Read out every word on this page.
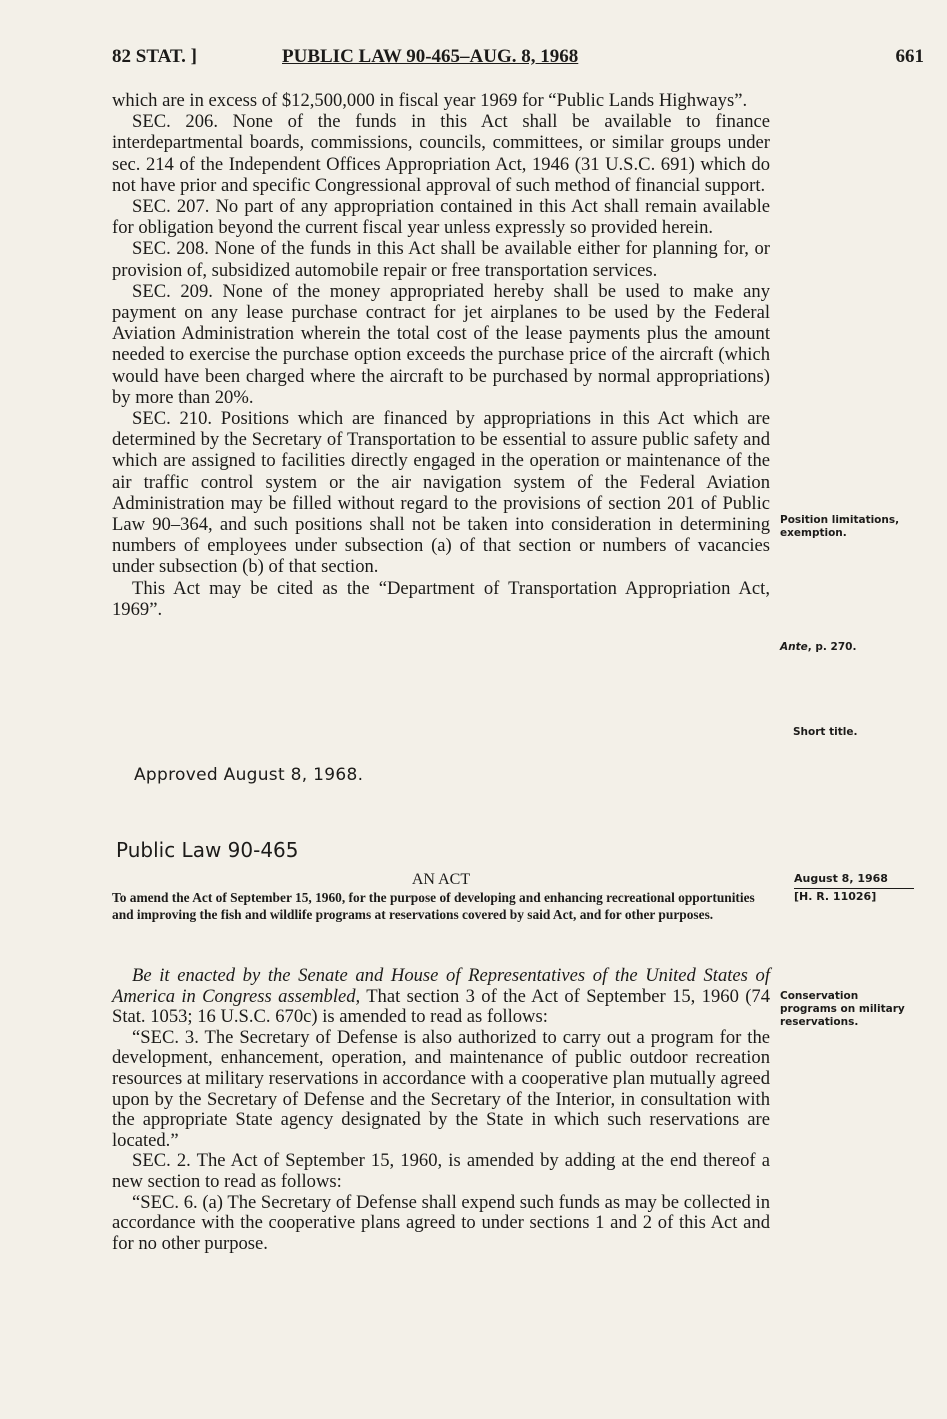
82 STAT. ]	PUBLIC LAW 90-465–AUG. 8, 1968	661

which are in excess of $12,500,000 in fiscal year 1969 for “Public Lands Highways”.

SEC. 206. None of the funds in this Act shall be available to finance interdepartmental boards, commissions, councils, committees, or similar groups under sec. 214 of the Independent Offices Appropriation Act, 1946 (31 U.S.C. 691) which do not have prior and specific Congressional approval of such method of financial support.

SEC. 207. No part of any appropriation contained in this Act shall remain available for obligation beyond the current fiscal year unless expressly so provided herein.

SEC. 208. None of the funds in this Act shall be available either for planning for, or provision of, subsidized automobile repair or free transportation services.

SEC. 209. None of the money appropriated hereby shall be used to make any payment on any lease purchase contract for jet airplanes to be used by the Federal Aviation Administration wherein the total cost of the lease payments plus the amount needed to exercise the purchase option exceeds the purchase price of the aircraft (which would have been charged where the aircraft to be purchased by normal appropriations) by more than 20%.

SEC. 210. Positions which are financed by appropriations in this Act which are determined by the Secretary of Transportation to be essential to assure public safety and which are assigned to facilities directly engaged in the operation or maintenance of the air traffic control system or the air navigation system of the Federal Aviation Administration may be filled without regard to the provisions of section 201 of Public Law 90–364, and such positions shall not be taken into consideration in determining numbers of employees under subsection (a) of that section or numbers of vacancies under subsection (b) of that section.

This Act may be cited as the “Department of Transportation Appropriation Act, 1969”.

Approved August 8, 1968.
Public Law 90-465
AN ACT
To amend the Act of September 15, 1960, for the purpose of developing and enhancing recreational opportunities and improving the fish and wildlife programs at reservations covered by said Act, and for other purposes.

Be it enacted by the Senate and House of Representatives of the United States of America in Congress assembled, That section 3 of the Act of September 15, 1960 (74 Stat. 1053; 16 U.S.C. 670c) is amended to read as follows:

“SEC. 3. The Secretary of Defense is also authorized to carry out a program for the development, enhancement, operation, and maintenance of public outdoor recreation resources at military reservations in accordance with a cooperative plan mutually agreed upon by the Secretary of Defense and the Secretary of the Interior, in consultation with the appropriate State agency designated by the State in which such reservations are located.”

SEC. 2. The Act of September 15, 1960, is amended by adding at the end thereof a new section to read as follows:

“SEC. 6. (a) The Secretary of Defense shall expend such funds as may be collected in accordance with the cooperative plans agreed to under sections 1 and 2 of this Act and for no other purpose.

Position limitations, exemption.
Ante, p. 270.
Short title.
August 8, 1968
[H. R. 11026]
Conservation programs on military reservations.
